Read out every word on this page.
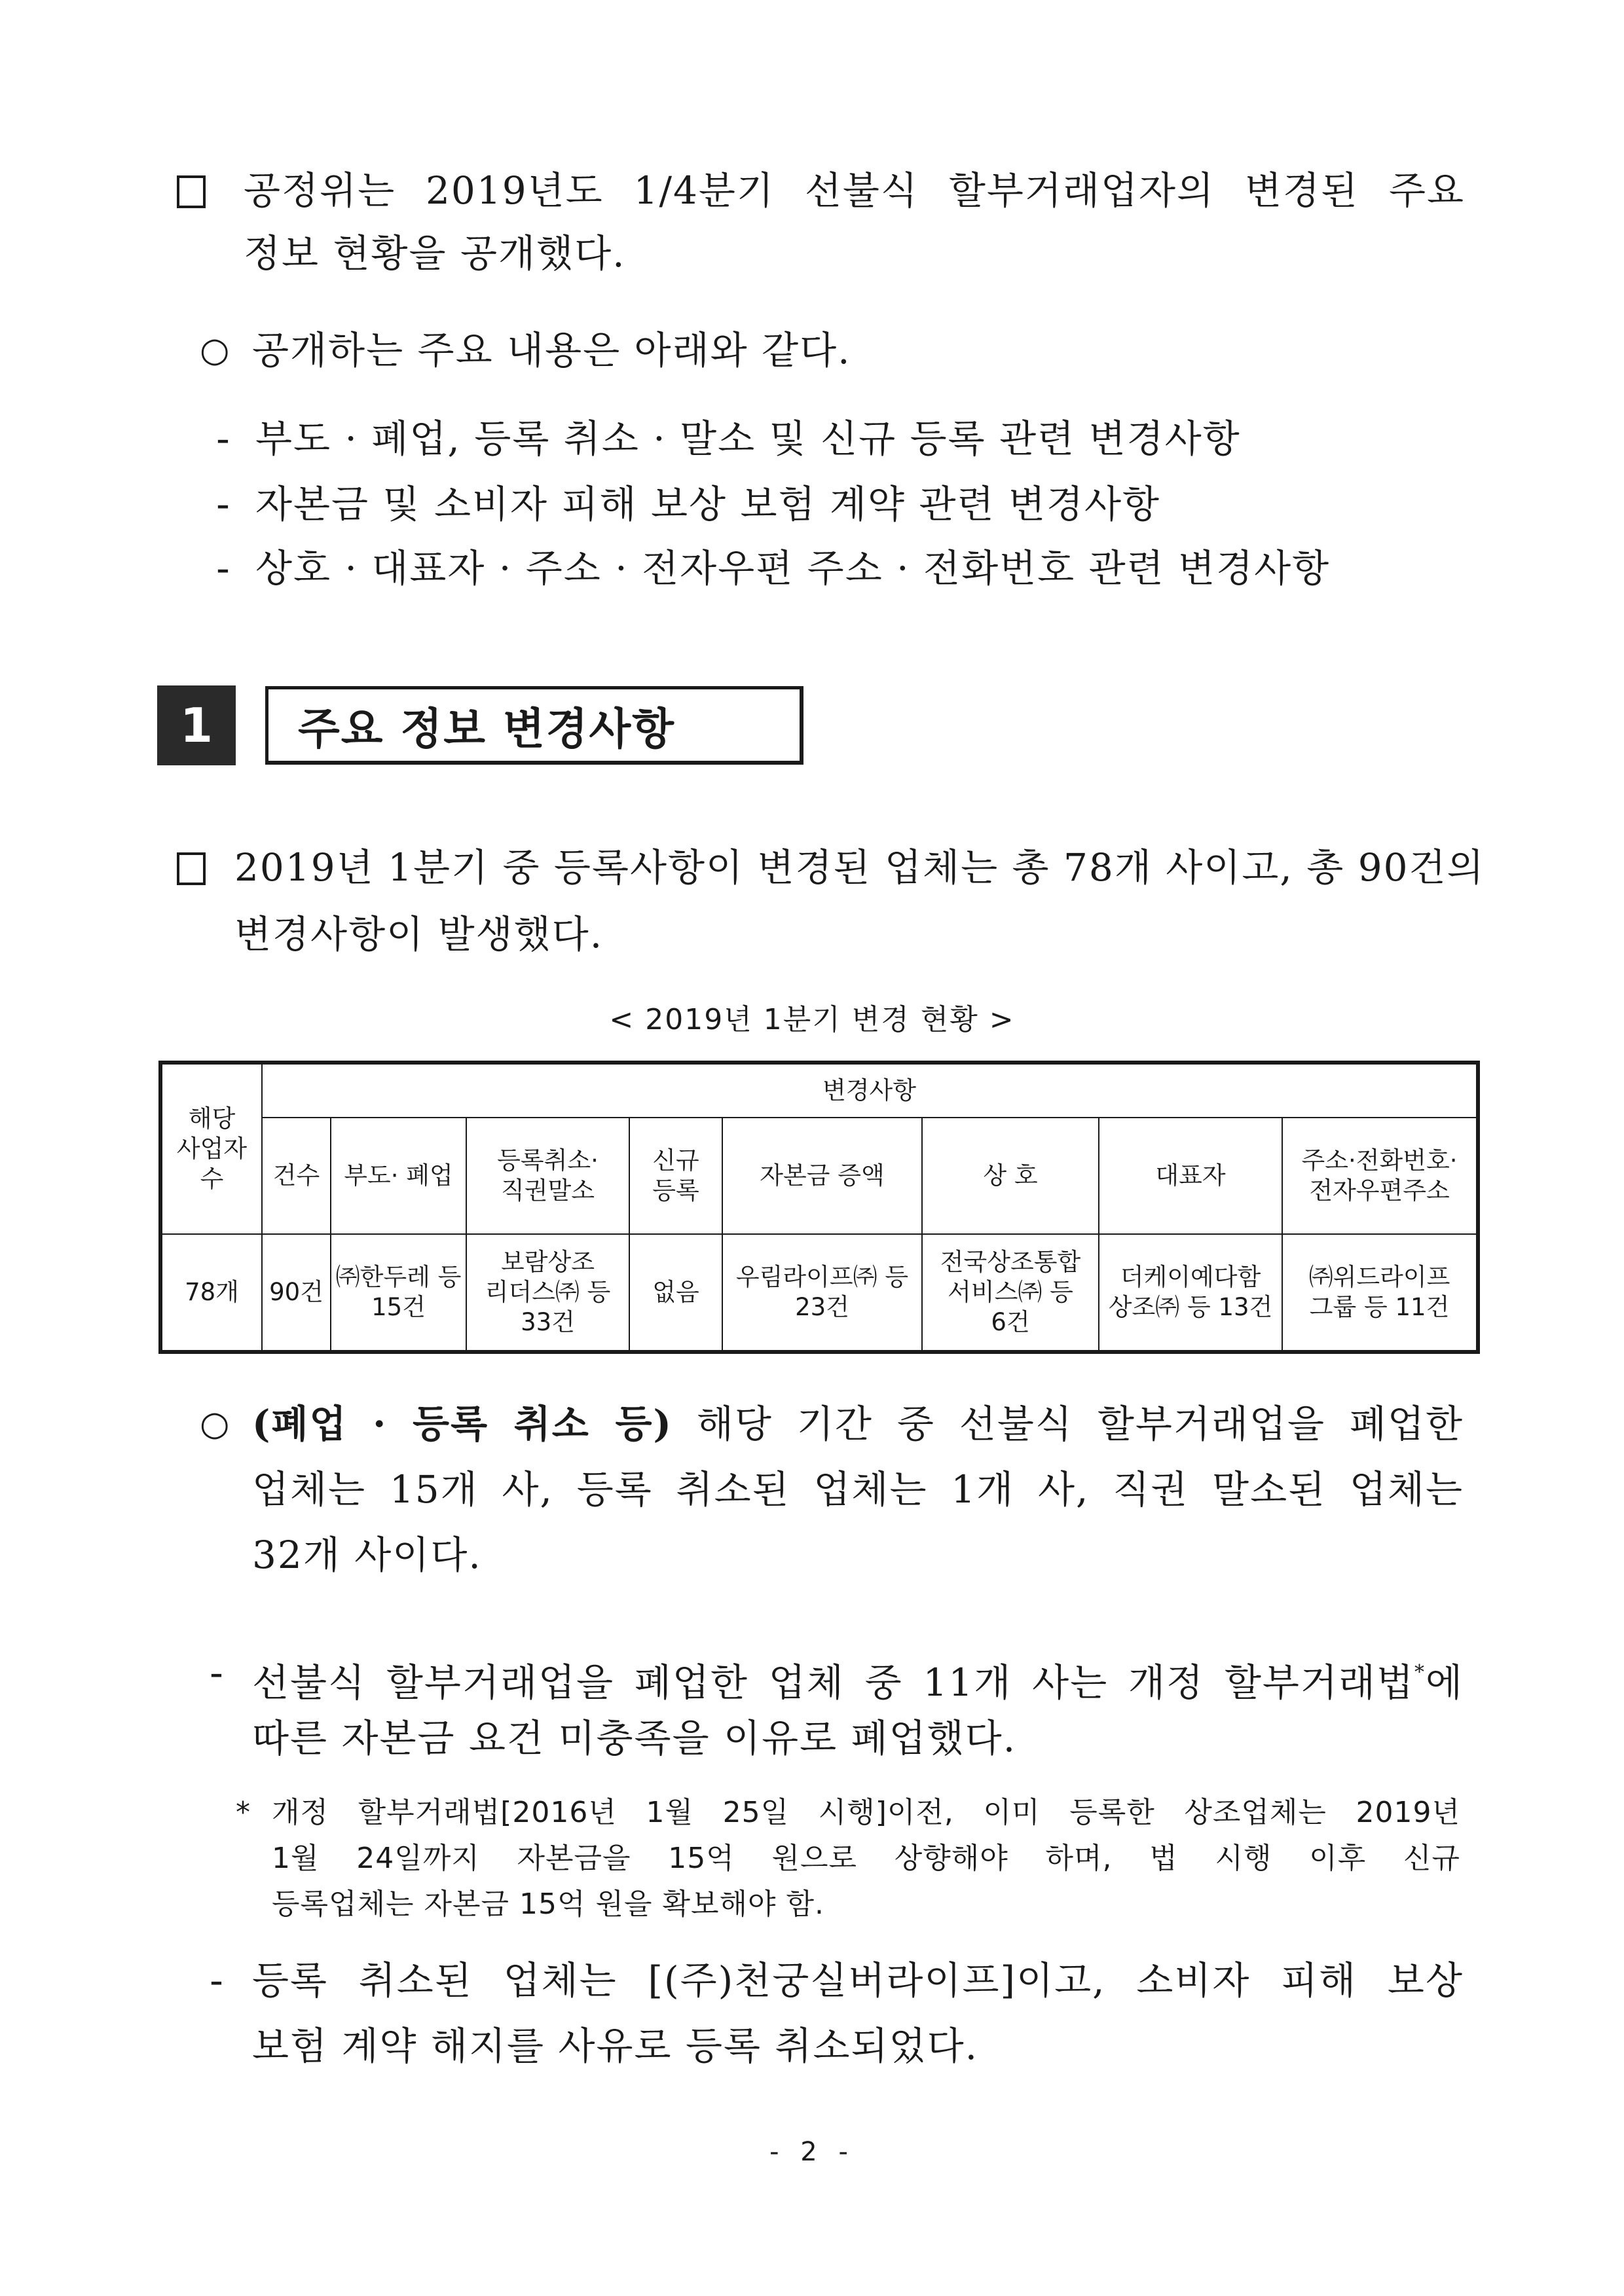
공정위는 2019년도 1/4분기 선불식 할부거래업자의 변경된 주요
정보 현황을 공개했다.
○ 공개하는 주요 내용은 아래와 같다.
- 부도 · 폐업, 등록 취소 · 말소 및 신규 등록 관련 변경사항
- 자본금 및 소비자 피해 보상 보험 계약 관련 변경사항
- 상호 · 대표자 · 주소 · 전자우편 주소 · 전화번호 관련 변경사항
1	주요 정보 변경사항
2019년 1분기 중 등록사항이 변경된 업체는 총 78개 사이고, 총 90건의
변경사항이 발생했다.
< 2019년 1분기 변경 현황 >
해당 사업자 수	변경사항							
	건수	부도· 폐업	등록취소· 직권말소	신규 등록	자본금 증액	상 호	대표자	주소·전화번호· 전자우편주소
78개	90건	㈜한두레 등 15건	보람상조 리더스㈜ 등 33건	없음	우림라이프㈜ 등 23건	전국상조통합 서비스㈜ 등 6건	더케이예다함 상조㈜ 등 13건	㈜위드라이프 그룹 등 11건
○ (폐업 · 등록 취소 등) 해당 기간 중 선불식 할부거래업을 폐업한
업체는 15개 사, 등록 취소된 업체는 1개 사, 직권 말소된 업체는
32개 사이다.
- 선불식 할부거래업을 폐업한 업체 중 11개 사는 개정 할부거래법*에
따른 자본금 요건 미충족을 이유로 폐업했다.
* 개정 할부거래법[2016년 1월 25일 시행]이전, 이미 등록한 상조업체는 2019년
1월 24일까지 자본금을 15억 원으로 상향해야 하며, 법 시행 이후 신규
등록업체는 자본금 15억 원을 확보해야 함.
- 등록 취소된 업체는 [(주)천궁실버라이프]이고, 소비자 피해 보상
보험 계약 해지를 사유로 등록 취소되었다.
- 2 -
